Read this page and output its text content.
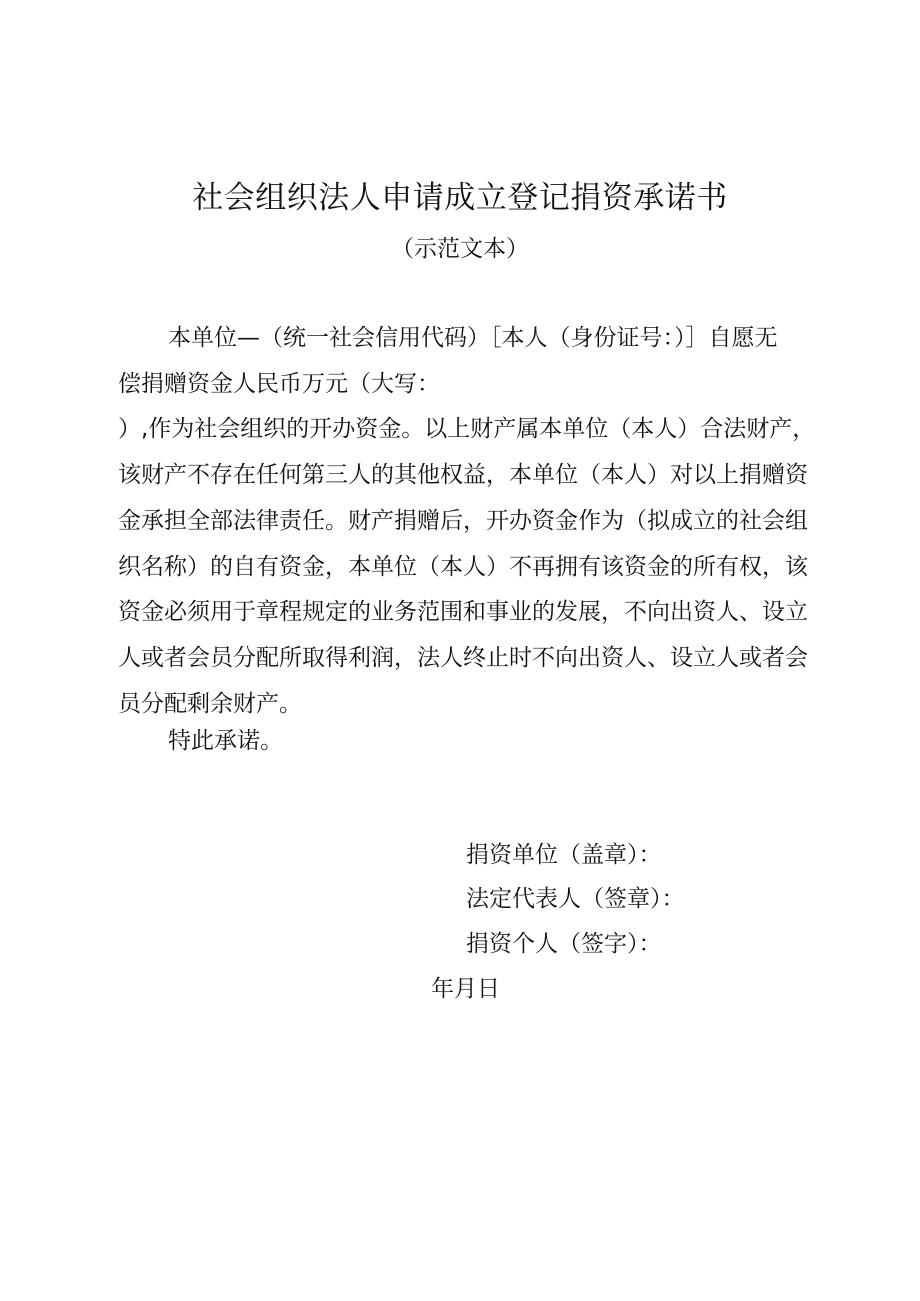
社会组织法人申请成立登记捐资承诺书

（示范文本）

本单位—（统一社会信用代码）［本人（身份证号：）］自愿无
偿捐赠资金人民币万元（大写：
）,作为社会组织的开办资金。以上财产属本单位（本人）合法财产，
该财产不存在任何第三人的其他权益，本单位（本人）对以上捐赠资
金承担全部法律责任。财产捐赠后，开办资金作为（拟成立的社会组
织名称）的自有资金，本单位（本人）不再拥有该资金的所有权，该
资金必须用于章程规定的业务范围和事业的发展，不向出资人、设立
人或者会员分配所取得利润，法人终止时不向出资人、设立人或者会
员分配剩余财产。

特此承诺。

捐资单位（盖章）：

法定代表人（签章）：

捐资个人（签字）：

年月日
